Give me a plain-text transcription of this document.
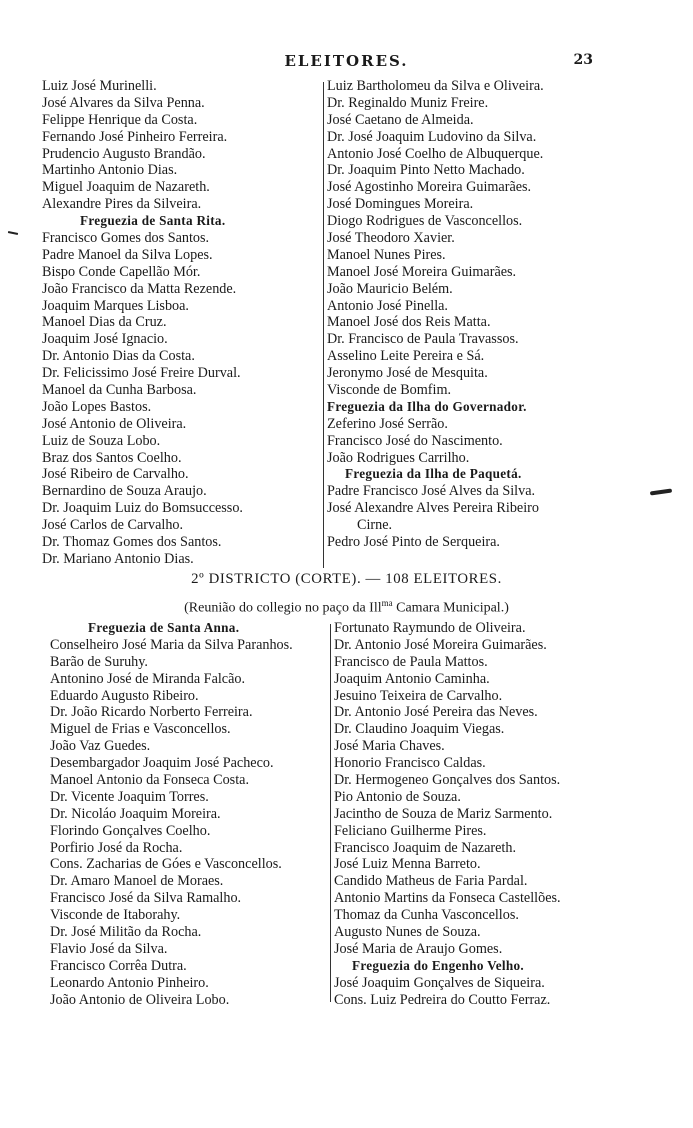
ELEITORES.	23
Luiz José Murinelli.
José Alvares da Silva Penna.
Felippe Henrique da Costa.
Fernando José Pinheiro Ferreira.
Prudencio Augusto Brandão.
Martinho Antonio Dias.
Miguel Joaquim de Nazareth.
Alexandre Pires da Silveira.
Freguezia de Santa Rita.
Francisco Gomes dos Santos.
Padre Manoel da Silva Lopes.
Bispo Conde Capellão Mór.
João Francisco da Matta Rezende.
Joaquim Marques Lisboa.
Manoel Dias da Cruz.
Joaquim José Ignacio.
Dr. Antonio Dias da Costa.
Dr. Felicissimo José Freire Durval.
Manoel da Cunha Barbosa.
João Lopes Bastos.
José Antonio de Oliveira.
Luiz de Souza Lobo.
Braz dos Santos Coelho.
José Ribeiro de Carvalho.
Bernardino de Souza Araujo.
Dr. Joaquim Luiz do Bomsuccesso.
José Carlos de Carvalho.
Dr. Thomaz Gomes dos Santos.
Dr. Mariano Antonio Dias.
Luiz Bartholomeu da Silva e Oliveira.
Dr. Reginaldo Muniz Freire.
José Caetano de Almeida.
Dr. José Joaquim Ludovino da Silva.
Antonio José Coelho de Albuquerque.
Dr. Joaquim Pinto Netto Machado.
José Agostinho Moreira Guimarães.
José Domingues Moreira.
Diogo Rodrigues de Vasconcellos.
José Theodoro Xavier.
Manoel Nunes Pires.
Manoel José Moreira Guimarães.
João Mauricio Belém.
Antonio José Pinella.
Manoel José dos Reis Matta.
Dr. Francisco de Paula Travassos.
Asselino Leite Pereira e Sá.
Jeronymo José de Mesquita.
Visconde de Bomfim.
Freguezia da Ilha do Governador.
Zeferino José Serrão.
Francisco José do Nascimento.
João Rodrigues Carrilho.
Freguezia da Ilha de Paquetá.
Padre Francisco José Alves da Silva.
José Alexandre Alves Pereira Ribeiro
Cirne.
Pedro José Pinto de Serqueira.
2º DISTRICTO (CORTE). — 108 ELEITORES.
(Reunião do collegio no paço da Ill$^{ma}$ Camara Municipal.)
Freguezia de Santa Anna.
Conselheiro José Maria da Silva Paranhos.
Barão de Suruhy.
Antonino José de Miranda Falcão.
Eduardo Augusto Ribeiro.
Dr. João Ricardo Norberto Ferreira.
Miguel de Frias e Vasconcellos.
João Vaz Guedes.
Desembargador Joaquim José Pacheco.
Manoel Antonio da Fonseca Costa.
Dr. Vicente Joaquim Torres.
Dr. Nicoláo Joaquim Moreira.
Florindo Gonçalves Coelho.
Porfirio José da Rocha.
Cons. Zacharias de Góes e Vasconcellos.
Dr. Amaro Manoel de Moraes.
Francisco José da Silva Ramalho.
Visconde de Itaborahy.
Dr. José Militão da Rocha.
Flavio José da Silva.
Francisco Corrêa Dutra.
Leonardo Antonio Pinheiro.
João Antonio de Oliveira Lobo.
Fortunato Raymundo de Oliveira.
Dr. Antonio José Moreira Guimarães.
Francisco de Paula Mattos.
Joaquim Antonio Caminha.
Jesuino Teixeira de Carvalho.
Dr. Antonio José Pereira das Neves.
Dr. Claudino Joaquim Viegas.
José Maria Chaves.
Honorio Francisco Caldas.
Dr. Hermogeneo Gonçalves dos Santos.
Pio Antonio de Souza.
Jacintho de Souza de Mariz Sarmento.
Feliciano Guilherme Pires.
Francisco Joaquim de Nazareth.
José Luiz Menna Barreto.
Candido Matheus de Faria Pardal.
Antonio Martins da Fonseca Castellões.
Thomaz da Cunha Vasconcellos.
Augusto Nunes de Souza.
José Maria de Araujo Gomes.
Freguezia do Engenho Velho.
José Joaquim Gonçalves de Siqueira.
Cons. Luiz Pedreira do Coutto Ferraz.
